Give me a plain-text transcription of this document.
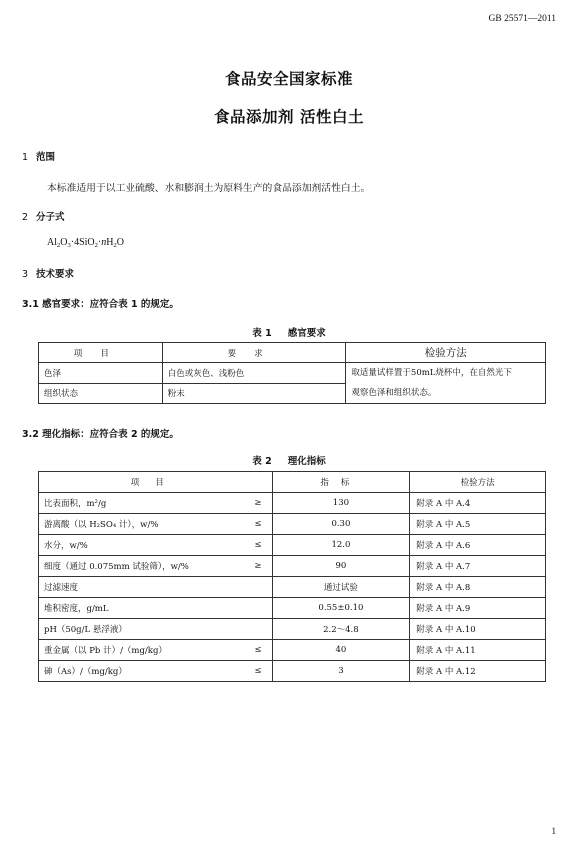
GB 25571—2011
食品安全国家标准
食品添加剂 活性白土
1 范围
本标准适用于以工业硫酸、水和膨润土为原料生产的食品添加剂活性白土。
2 分子式
$Al_2O_3\cdot 4SiO_2\cdot nH_2O$
3 技术要求
3.1 感官要求：应符合表 1 的规定。
表 1 感官要求
项目	要求	检验方法
色泽	白色或灰色、浅粉色	取适量试样置于50mL烧杯中，在自然光下
观察色泽和组织状态。

组织状态	粉末	
3.2 理化指标：应符合表 2 的规定。
表 2 理化指标
项目	指标	检验方法
比表面积，m²/g ≥	130	附录 A 中 A.4
游离酸（以 H₂SO₄ 计），w/% ≤	0.30	附录 A 中 A.5
水分，w/% ≤	12.0	附录 A 中 A.6
细度（通过 0.075mm 试验筛），w/% ≥	90	附录 A 中 A.7
过滤速度	通过试验	附录 A 中 A.8
堆积密度，g/mL	0.55±0.10	附录 A 中 A.9
pH（50g/L 悬浮液）	2.2～4.8	附录 A 中 A.10
重金属（以 Pb 计）/（mg/kg） ≤	40	附录 A 中 A.11
砷（As）/（mg/kg） ≤	3	附录 A 中 A.12
1
